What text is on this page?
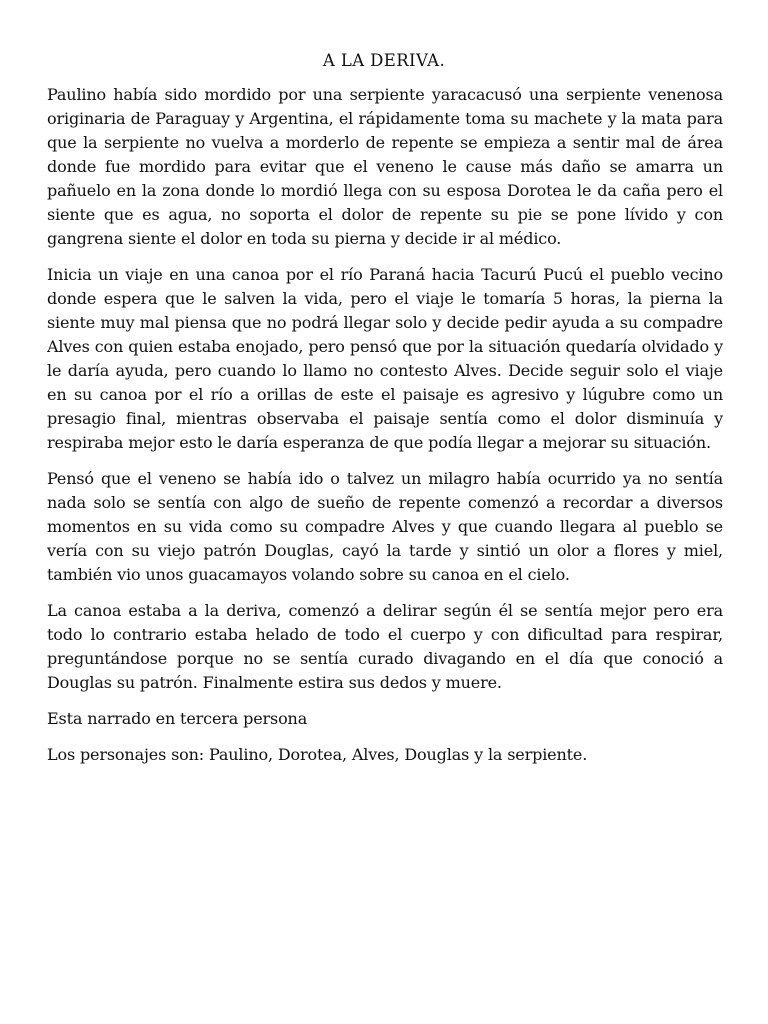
A LA DERIVA.

Paulino había sido mordido por una serpiente yaracacusó una serpiente venenosa originaria de Paraguay y Argentina, el rápidamente toma su machete y la mata para que la serpiente no vuelva a morderlo de repente se empieza a sentir mal de área donde fue mordido para evitar que el veneno le cause más daño se amarra un pañuelo en la zona donde lo mordió llega con su esposa Dorotea le da caña pero el siente que es agua, no soporta el dolor de repente su pie se pone lívido y con gangrena siente el dolor en toda su pierna y decide ir al médico.

Inicia un viaje en una canoa por el río Paraná hacia Tacurú Pucú el pueblo vecino donde espera que le salven la vida, pero el viaje le tomaría 5 horas, la pierna la siente muy mal piensa que no podrá llegar solo y decide pedir ayuda a su compadre Alves con quien estaba enojado, pero pensó que por la situación quedaría olvidado y le daría ayuda, pero cuando lo llamo no contesto Alves. Decide seguir solo el viaje en su canoa por el río a orillas de este el paisaje es agresivo y lúgubre como un presagio final, mientras observaba el paisaje sentía como el dolor disminuía y respiraba mejor esto le daría esperanza de que podía llegar a mejorar su situación.

Pensó que el veneno se había ido o talvez un milagro había ocurrido ya no sentía nada solo se sentía con algo de sueño de repente comenzó a recordar a diversos momentos en su vida como su compadre Alves y que cuando llegara al pueblo se vería con su viejo patrón Douglas, cayó la tarde y sintió un olor a flores y miel, también vio unos guacamayos volando sobre su canoa en el cielo.

La canoa estaba a la deriva, comenzó a delirar según él se sentía mejor pero era todo lo contrario estaba helado de todo el cuerpo y con dificultad para respirar, preguntándose porque no se sentía curado divagando en el día que conoció a Douglas su patrón. Finalmente estira sus dedos y muere.

Esta narrado en tercera persona

Los personajes son: Paulino, Dorotea, Alves, Douglas y la serpiente.
